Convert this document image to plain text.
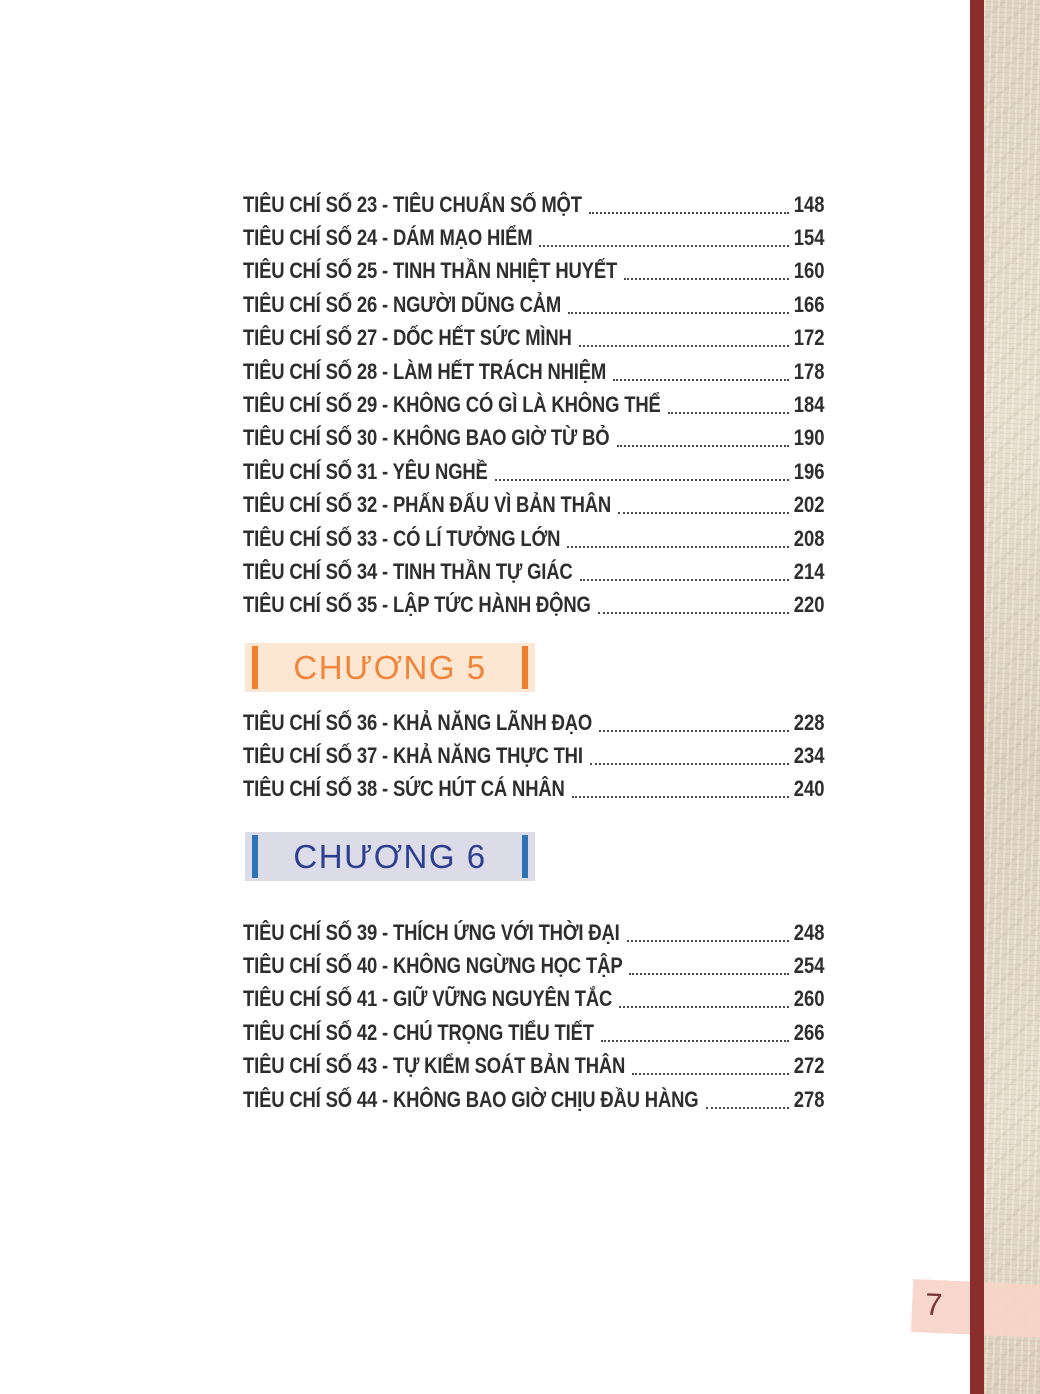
7
TIÊU CHÍ SỐ 23 - TIÊU CHUẨN SỐ MỘT	148
TIÊU CHÍ SỐ 24 - DÁM MẠO HIỂM	154
TIÊU CHÍ SỐ 25 - TINH THẦN NHIỆT HUYẾT	160
TIÊU CHÍ SỐ 26 - NGƯỜI DŨNG CẢM	166
TIÊU CHÍ SỐ 27 - DỐC HẾT SỨC MÌNH	172
TIÊU CHÍ SỐ 28 - LÀM HẾT TRÁCH NHIỆM	178
TIÊU CHÍ SỐ 29 - KHÔNG CÓ GÌ LÀ KHÔNG THỂ	184
TIÊU CHÍ SỐ 30 - KHÔNG BAO GIỜ TỪ BỎ	190
TIÊU CHÍ SỐ 31 - YÊU NGHỀ	196
TIÊU CHÍ SỐ 32 - PHẤN ĐẤU VÌ BẢN THÂN	202
TIÊU CHÍ SỐ 33 - CÓ LÍ TƯỞNG LỚN	208
TIÊU CHÍ SỐ 34 - TINH THẦN TỰ GIÁC	214
TIÊU CHÍ SỐ 35 - LẬP TỨC HÀNH ĐỘNG	220
CHƯƠNG 5
TIÊU CHÍ SỐ 36 - KHẢ NĂNG LÃNH ĐẠO	228
TIÊU CHÍ SỐ 37 - KHẢ NĂNG THỰC THI	234
TIÊU CHÍ SỐ 38 - SỨC HÚT CÁ NHÂN	240
CHƯƠNG 6
TIÊU CHÍ SỐ 39 - THÍCH ỨNG VỚI THỜI ĐẠI	248
TIÊU CHÍ SỐ 40 - KHÔNG NGỪNG HỌC TẬP	254
TIÊU CHÍ SỐ 41 - GIỮ VỮNG NGUYÊN TẮC	260
TIÊU CHÍ SỐ 42 - CHÚ TRỌNG TIỂU TIẾT	266
TIÊU CHÍ SỐ 43 - TỰ KIỂM SOÁT BẢN THÂN	272
TIÊU CHÍ SỐ 44 - KHÔNG BAO GIỜ CHỊU ĐẦU HÀNG	278
